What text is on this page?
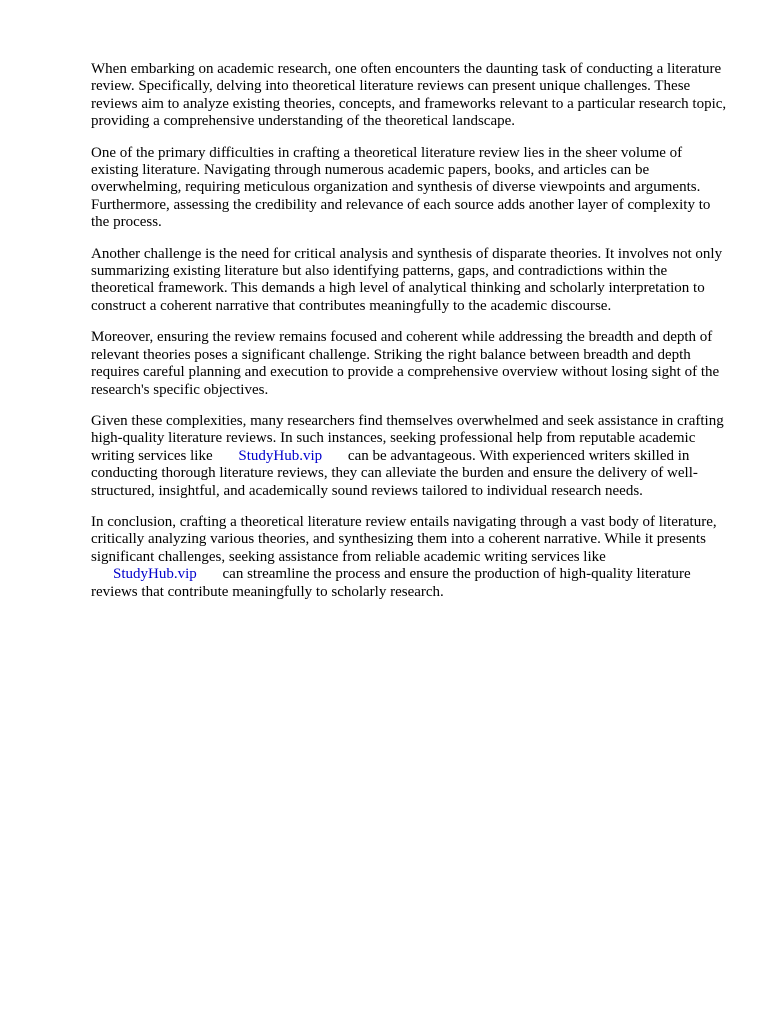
When embarking on academic research, one often encounters the daunting task of conducting a literature review. Specifically, delving into theoretical literature reviews can present unique challenges. These reviews aim to analyze existing theories, concepts, and frameworks relevant to a particular research topic, providing a comprehensive understanding of the theoretical landscape.

One of the primary difficulties in crafting a theoretical literature review lies in the sheer volume of existing literature. Navigating through numerous academic papers, books, and articles can be overwhelming, requiring meticulous organization and synthesis of diverse viewpoints and arguments. Furthermore, assessing the credibility and relevance of each source adds another layer of complexity to the process.

Another challenge is the need for critical analysis and synthesis of disparate theories. It involves not only summarizing existing literature but also identifying patterns, gaps, and contradictions within the theoretical framework. This demands a high level of analytical thinking and scholarly interpretation to construct a coherent narrative that contributes meaningfully to the academic discourse.

Moreover, ensuring the review remains focused and coherent while addressing the breadth and depth of relevant theories poses a significant challenge. Striking the right balance between breadth and depth requires careful planning and execution to provide a comprehensive overview without losing sight of the research's specific objectives.

Given these complexities, many researchers find themselves overwhelmed and seek assistance in crafting high-quality literature reviews. In such instances, seeking professional help from reputable academic writing services like StudyHub.vip can be advantageous. With experienced writers skilled in conducting thorough literature reviews, they can alleviate the burden and ensure the delivery of well-structured, insightful, and academically sound reviews tailored to individual research needs.

In conclusion, crafting a theoretical literature review entails navigating through a vast body of literature, critically analyzing various theories, and synthesizing them into a coherent narrative. While it presents significant challenges, seeking assistance from reliable academic writing services like StudyHub.vip can streamline the process and ensure the production of high-quality literature reviews that contribute meaningfully to scholarly research.
